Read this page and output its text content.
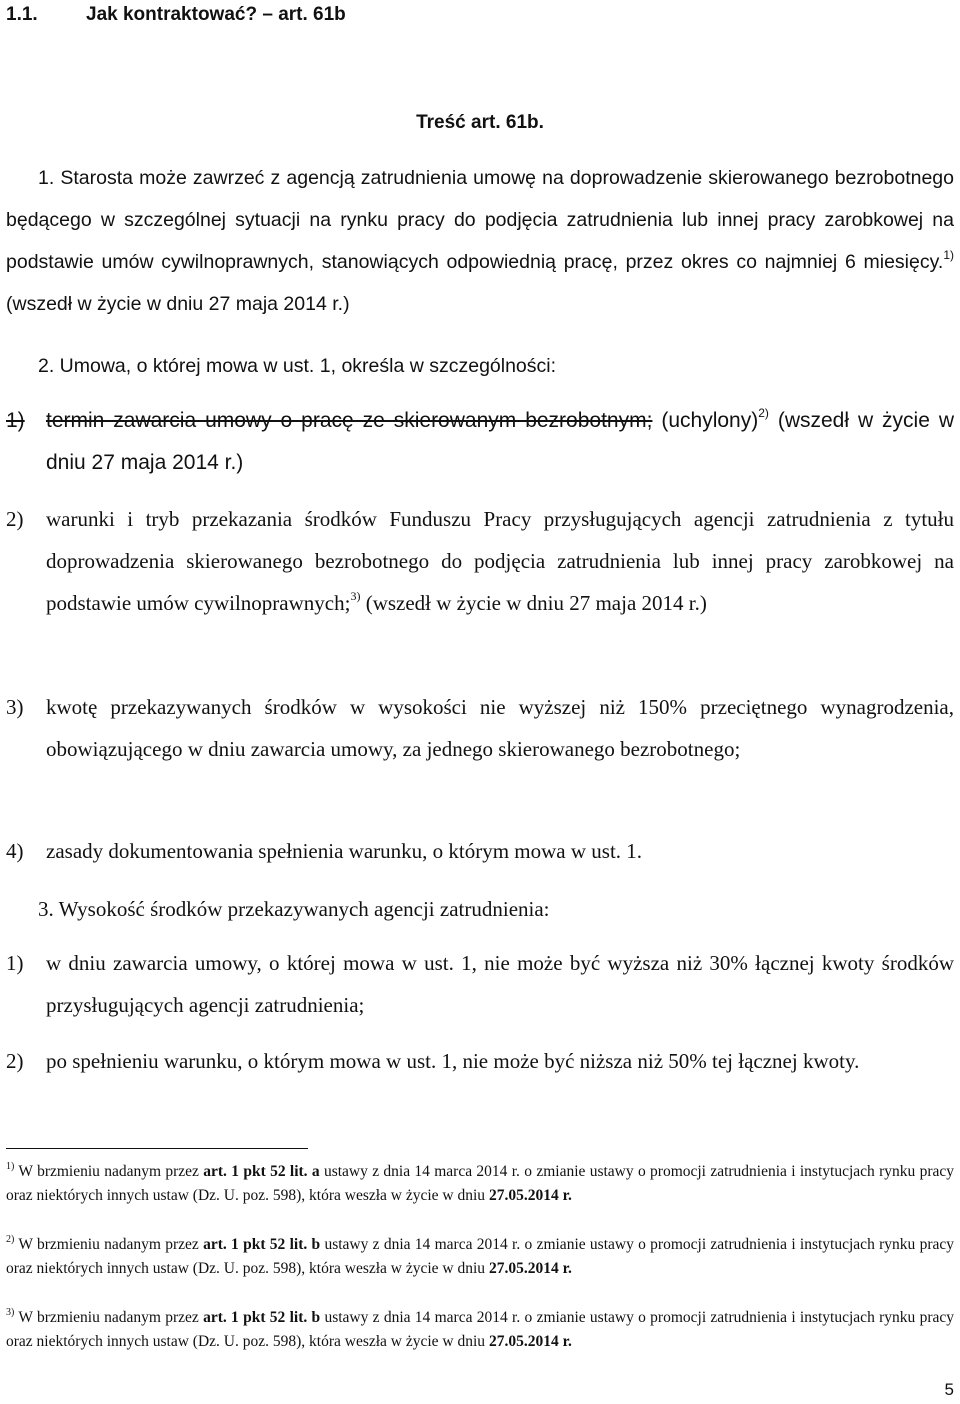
1.1.	Jak kontraktować? – art. 61b
Treść art. 61b.
1. Starosta może zawrzeć z agencją zatrudnienia umowę na doprowadzenie skierowanego bezrobotnego będącego w szczególnej sytuacji na rynku pracy do podjęcia zatrudnienia lub innej pracy zarobkowej na podstawie umów cywilnoprawnych, stanowiących odpowiednią pracę, przez okres co najmniej 6 miesięcy.$^{1)}$ (wszedł w życie w dniu 27 maja 2014 r.)
2. Umowa, o której mowa w ust. 1, określa w szczególności:
1) termin zawarcia umowy o pracę ze skierowanym bezrobotnym; (uchylony)$^{2)}$ (wszedł w życie w dniu 27 maja 2014 r.)
2) warunki i tryb przekazania środków Funduszu Pracy przysługujących agencji zatrudnienia z tytułu doprowadzenia skierowanego bezrobotnego do podjęcia zatrudnienia lub innej pracy zarobkowej na podstawie umów cywilnoprawnych;$^{3)}$ (wszedł w życie w dniu 27 maja 2014 r.)
3) kwotę przekazywanych środków w wysokości nie wyższej niż 150% przeciętnego wynagrodzenia, obowiązującego w dniu zawarcia umowy, za jednego skierowanego bezrobotnego;
4) zasady dokumentowania spełnienia warunku, o którym mowa w ust. 1.
3. Wysokość środków przekazywanych agencji zatrudnienia:
1) w dniu zawarcia umowy, o której mowa w ust. 1, nie może być wyższa niż 30% łącznej kwoty środków przysługujących agencji zatrudnienia;
2) po spełnieniu warunku, o którym mowa w ust. 1, nie może być niższa niż 50% tej łącznej kwoty.
$^{1)}$ W brzmieniu nadanym przez art. 1 pkt 52 lit. a ustawy z dnia 14 marca 2014 r. o zmianie ustawy o promocji zatrudnienia i instytucjach rynku pracy oraz niektórych innych ustaw (Dz. U. poz. 598), która weszła w życie w dniu 27.05.2014 r.
$^{2)}$ W brzmieniu nadanym przez art. 1 pkt 52 lit. b ustawy z dnia 14 marca 2014 r. o zmianie ustawy o promocji zatrudnienia i instytucjach rynku pracy oraz niektórych innych ustaw (Dz. U. poz. 598), która weszła w życie w dniu 27.05.2014 r.
$^{3)}$ W brzmieniu nadanym przez art. 1 pkt 52 lit. b ustawy z dnia 14 marca 2014 r. o zmianie ustawy o promocji zatrudnienia i instytucjach rynku pracy oraz niektórych innych ustaw (Dz. U. poz. 598), która weszła w życie w dniu 27.05.2014 r.
5
